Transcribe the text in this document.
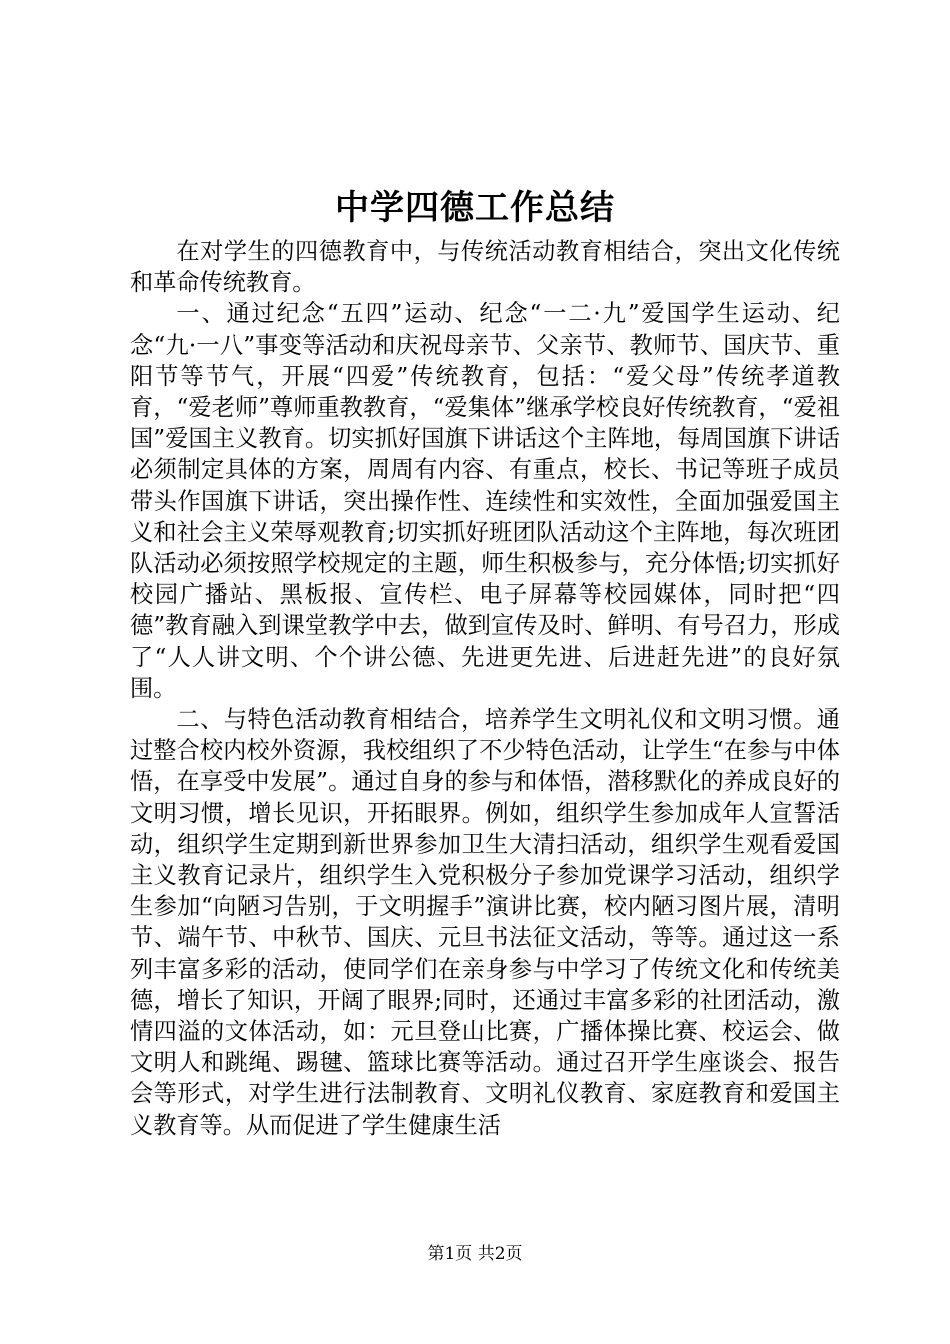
中学四德工作总结

在对学生的四德教育中，与传统活动教育相结合，突出文化传统和革命传统教育。

一、通过纪念“五四”运动、纪念“一二·九”爱国学生运动、纪念“九·一八”事变等活动和庆祝母亲节、父亲节、教师节、国庆节、重阳节等节气，开展“四爱”传统教育，包括：“爱父母”传统孝道教育，“爱老师”尊师重教教育，“爱集体”继承学校良好传统教育，“爱祖国”爱国主义教育。切实抓好国旗下讲话这个主阵地，每周国旗下讲话必须制定具体的方案，周周有内容、有重点，校长、书记等班子成员带头作国旗下讲话，突出操作性、连续性和实效性，全面加强爱国主义和社会主义荣辱观教育;切实抓好班团队活动这个主阵地，每次班团队活动必须按照学校规定的主题，师生积极参与，充分体悟;切实抓好校园广播站、黑板报、宣传栏、电子屏幕等校园媒体，同时把“四德”教育融入到课堂教学中去，做到宣传及时、鲜明、有号召力，形成了“人人讲文明、个个讲公德、先进更先进、后进赶先进”的良好氛围。

二、与特色活动教育相结合，培养学生文明礼仪和文明习惯。通过整合校内校外资源，我校组织了不少特色活动，让学生“在参与中体悟，在享受中发展”。通过自身的参与和体悟，潜移默化的养成良好的文明习惯，增长见识，开拓眼界。例如，组织学生参加成年人宣誓活动，组织学生定期到新世界参加卫生大清扫活动，组织学生观看爱国主义教育记录片，组织学生入党积极分子参加党课学习活动，组织学生参加“向陋习告别，于文明握手”演讲比赛，校内陋习图片展，清明节、端午节、中秋节、国庆、元旦书法征文活动，等等。通过这一系列丰富多彩的活动，使同学们在亲身参与中学习了传统文化和传统美德，增长了知识，开阔了眼界;同时，还通过丰富多彩的社团活动，激情四溢的文体活动，如：元旦登山比赛，广播体操比赛、校运会、做文明人和跳绳、踢毽、篮球比赛等活动。通过召开学生座谈会、报告会等形式，对学生进行法制教育、文明礼仪教育、家庭教育和爱国主义教育等。从而促进了学生健康生活

第1页 共2页
